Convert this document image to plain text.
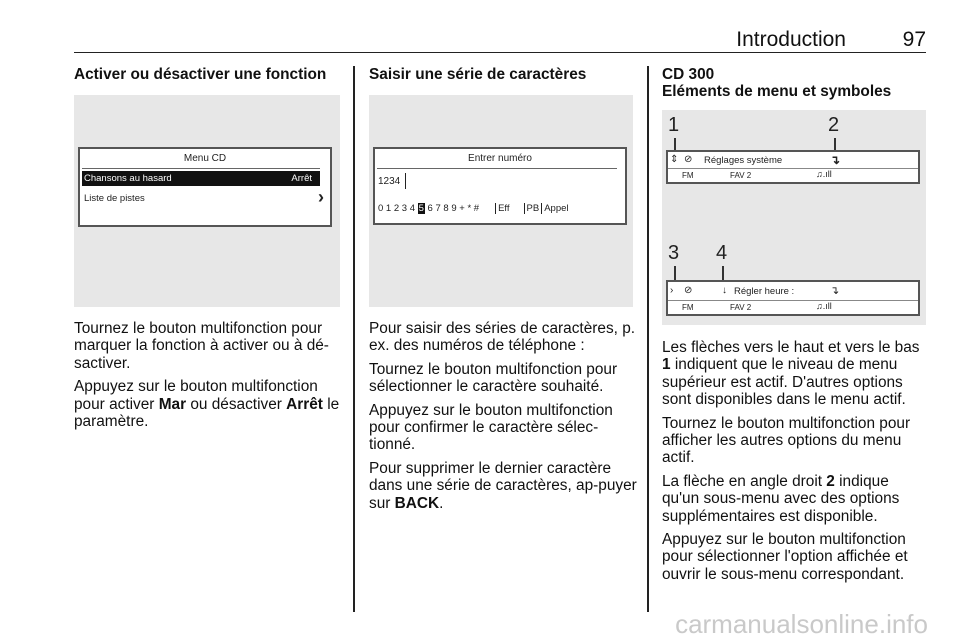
Introduction	97
Activer ou désactiver une fonction
Menu CD
Chansons au hasard	Arrêt
Liste de pistes	›

Tournez le bouton multifonction pour marquer la fonction à activer ou à dé-sactiver.

Appuyez sur le bouton multifonction pour activer Mar ou désactiver Arrêt le paramètre.

Saisir une série de caractères
Entrer numéro
1234
0 1 2 3 4 5 6 7 8 9 + * # Eff PB Appel

Pour saisir des séries de caractères, p. ex. des numéros de téléphone :

Tournez le bouton multifonction pour sélectionner le caractère souhaité.

Appuyez sur le bouton multifonction pour confirmer le caractère sélec-tionné.

Pour supprimer le dernier caractère dans une série de caractères, ap-puyer sur BACK.

CD 300
Eléments de menu et symboles
1	2
⇕ ⊘ Réglages système	↴
FM	FAV 2	♫.ıll
3 4
› ⊘	↓ Régler heure :	↴
FM	FAV 2	♫.ıll

Les flèches vers le haut et vers le bas 1 indiquent que le niveau de menu supérieur est actif. D'autres options sont disponibles dans le menu actif.

Tournez le bouton multifonction pour afficher les autres options du menu actif.

La flèche en angle droit 2 indique qu'un sous-menu avec des options supplémentaires est disponible.

Appuyez sur le bouton multifonction pour sélectionner l'option affichée et ouvrir le sous-menu correspondant.

carmanualsonline.info
